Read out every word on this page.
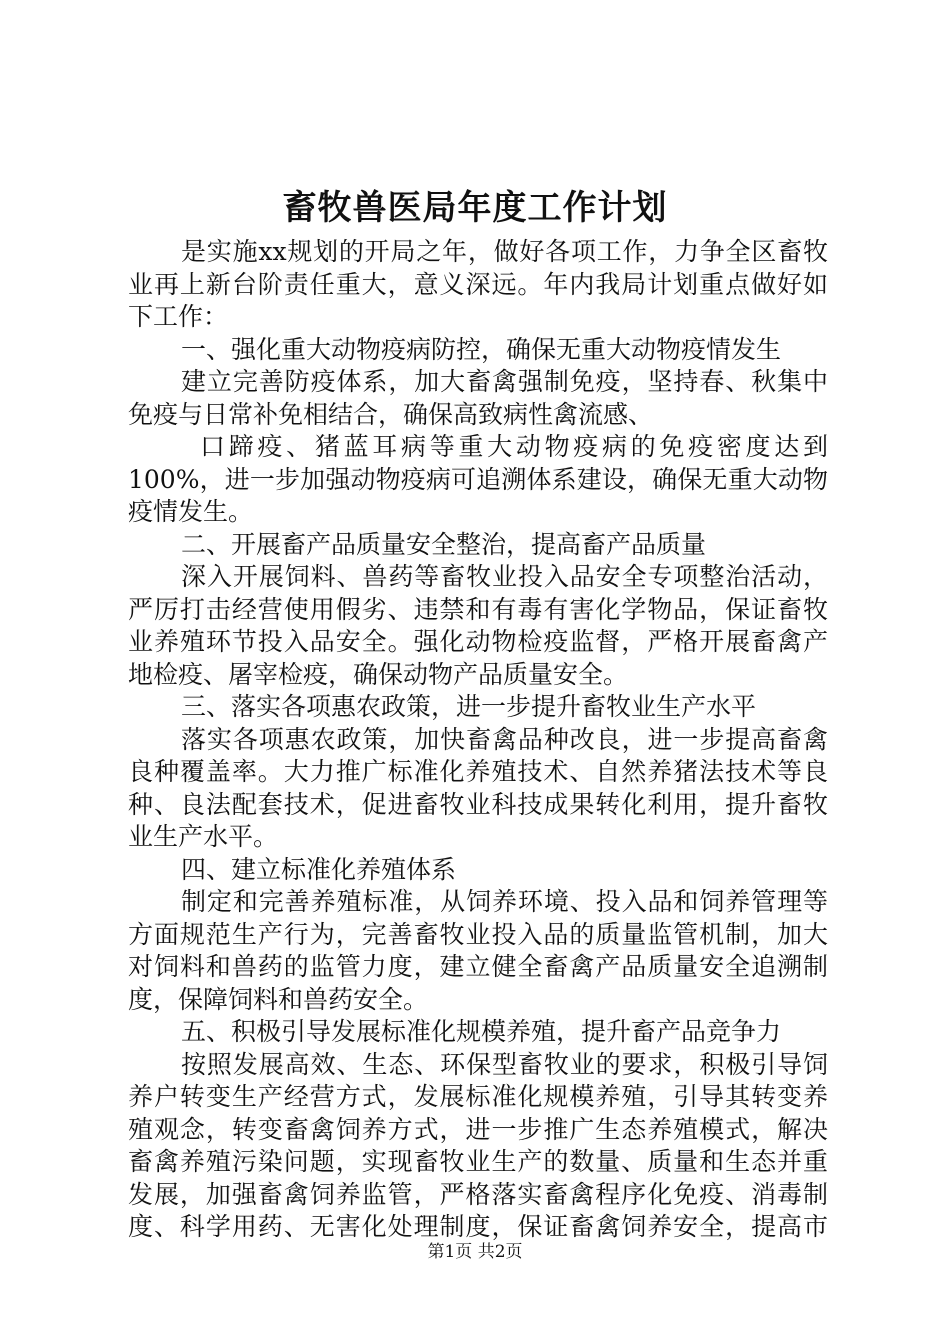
畜牧兽医局年度工作计划
是实施xx规划的开局之年，做好各项工作，力争全区畜牧
业再上新台阶责任重大，意义深远。年内我局计划重点做好如
下工作：
一、强化重大动物疫病防控，确保无重大动物疫情发生
建立完善防疫体系，加大畜禽强制免疫，坚持春、秋集中
免疫与日常补免相结合，确保高致病性禽流感、
口蹄疫、猪蓝耳病等重大动物疫病的免疫密度达到
100%，进一步加强动物疫病可追溯体系建设，确保无重大动物
疫情发生。
二、开展畜产品质量安全整治，提高畜产品质量
深入开展饲料、兽药等畜牧业投入品安全专项整治活动，
严厉打击经营使用假劣、违禁和有毒有害化学物品，保证畜牧
业养殖环节投入品安全。强化动物检疫监督，严格开展畜禽产
地检疫、屠宰检疫，确保动物产品质量安全。
三、落实各项惠农政策，进一步提升畜牧业生产水平
落实各项惠农政策，加快畜禽品种改良，进一步提高畜禽
良种覆盖率。大力推广标准化养殖技术、自然养猪法技术等良
种、良法配套技术，促进畜牧业科技成果转化利用，提升畜牧
业生产水平。
四、建立标准化养殖体系
制定和完善养殖标准，从饲养环境、投入品和饲养管理等
方面规范生产行为，完善畜牧业投入品的质量监管机制，加大
对饲料和兽药的监管力度，建立健全畜禽产品质量安全追溯制
度，保障饲料和兽药安全。
五、积极引导发展标准化规模养殖，提升畜产品竞争力
按照发展高效、生态、环保型畜牧业的要求，积极引导饲
养户转变生产经营方式，发展标准化规模养殖，引导其转变养
殖观念，转变畜禽饲养方式，进一步推广生态养殖模式，解决
畜禽养殖污染问题，实现畜牧业生产的数量、质量和生态并重
发展，加强畜禽饲养监管，严格落实畜禽程序化免疫、消毒制
度、科学用药、无害化处理制度，保证畜禽饲养安全，提高市
第1页 共2页
